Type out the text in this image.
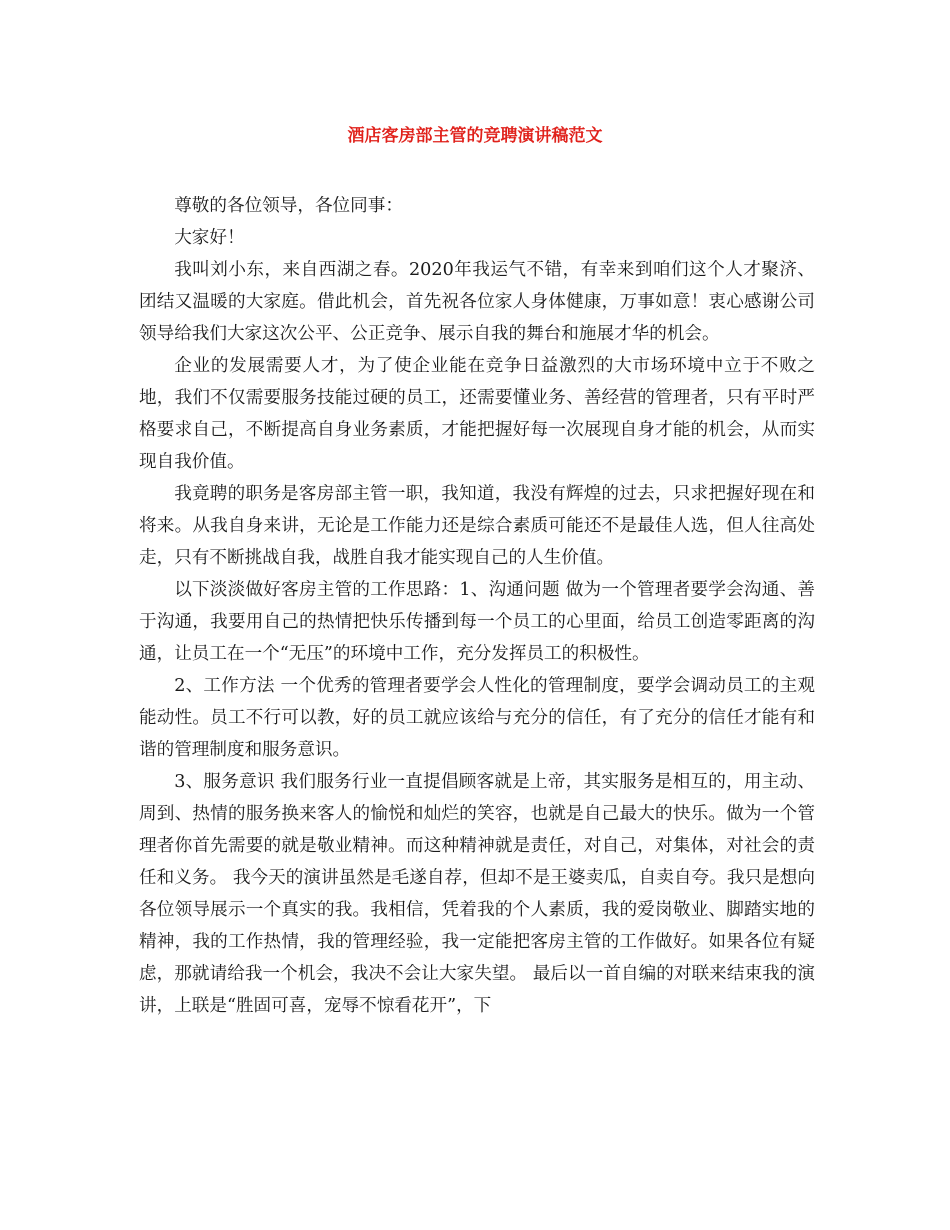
酒店客房部主管的竞聘演讲稿范文

尊敬的各位领导，各位同事：

大家好！

我叫刘小东，来自西湖之春。2020年我运气不错，有幸来到咱们这个人才聚济、团结又温暖的大家庭。借此机会，首先祝各位家人身体健康，万事如意！衷心感谢公司领导给我们大家这次公平、公正竞争、展示自我的舞台和施展才华的机会。

企业的发展需要人才，为了使企业能在竞争日益激烈的大市场环境中立于不败之地，我们不仅需要服务技能过硬的员工，还需要懂业务、善经营的管理者，只有平时严格要求自己，不断提高自身业务素质，才能把握好每一次展现自身才能的机会，从而实现自我价值。

我竟聘的职务是客房部主管一职，我知道，我没有辉煌的过去，只求把握好现在和将来。从我自身来讲，无论是工作能力还是综合素质可能还不是最佳人选，但人往高处走，只有不断挑战自我，战胜自我才能实现自己的人生价值。

以下淡淡做好客房主管的工作思路：1、沟通问题 做为一个管理者要学会沟通、善于沟通，我要用自己的热情把快乐传播到每一个员工的心里面，给员工创造零距离的沟通，让员工在一个“无压”的环境中工作，充分发挥员工的积极性。

2、工作方法 一个优秀的管理者要学会人性化的管理制度，要学会调动员工的主观能动性。员工不行可以教，好的员工就应该给与充分的信任，有了充分的信任才能有和谐的管理制度和服务意识。

3、服务意识 我们服务行业一直提倡顾客就是上帝，其实服务是相互的，用主动、周到、热情的服务换来客人的愉悦和灿烂的笑容，也就是自己最大的快乐。做为一个管理者你首先需要的就是敬业精神。而这种精神就是责任，对自己，对集体，对社会的责任和义务。 我今天的演讲虽然是毛遂自荐，但却不是王婆卖瓜，自卖自夸。我只是想向各位领导展示一个真实的我。我相信，凭着我的个人素质，我的爱岗敬业、脚踏实地的精神，我的工作热情，我的管理经验，我一定能把客房主管的工作做好。如果各位有疑虑，那就请给我一个机会，我决不会让大家失望。 最后以一首自编的对联来结束我的演讲，上联是“胜固可喜，宠辱不惊看花开”，下
